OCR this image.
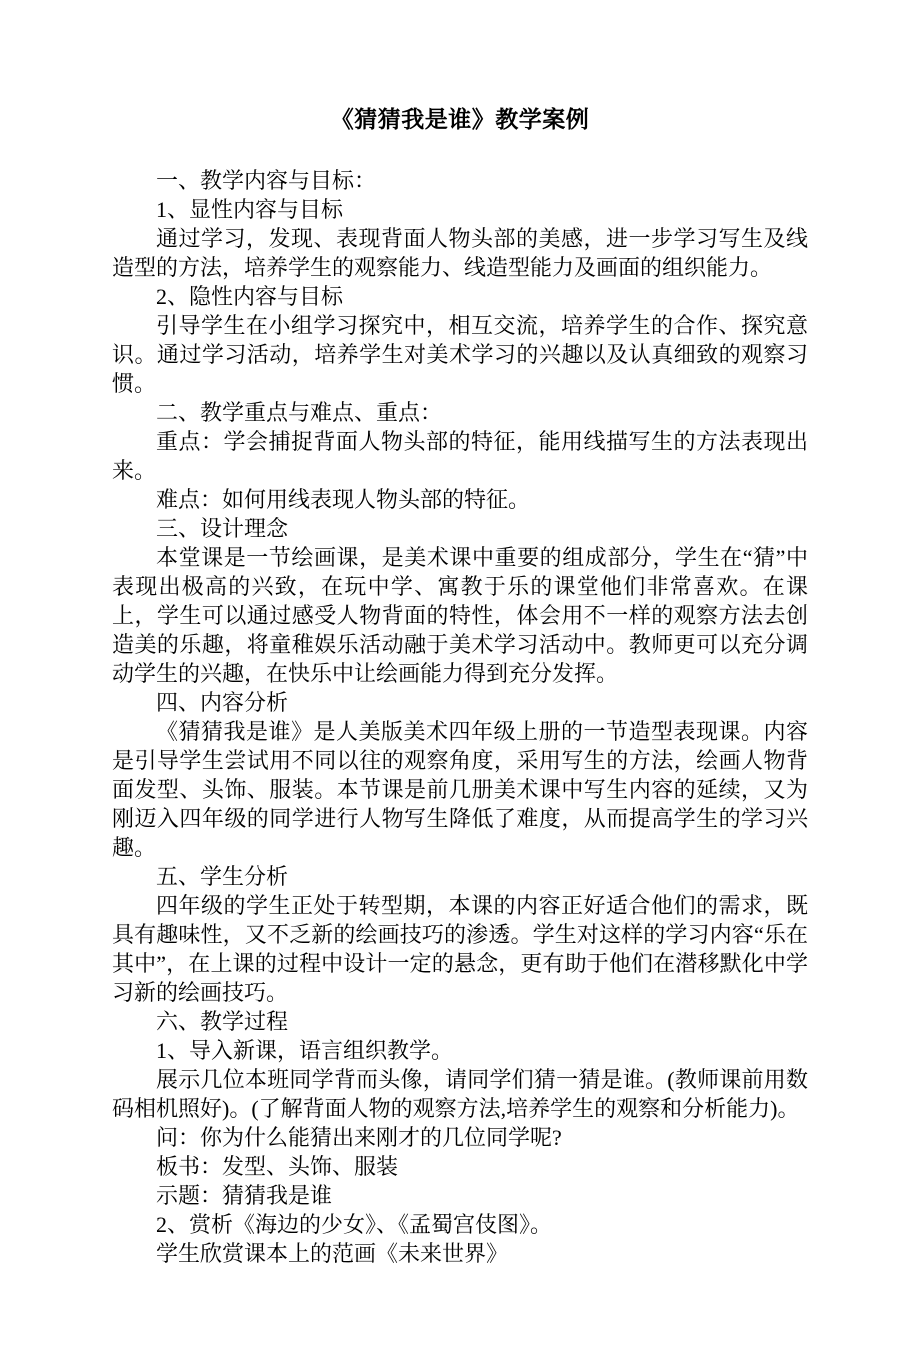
《猜猜我是谁》教学案例

一、教学内容与目标：

1、显性内容与目标

通过学习，发现、表现背面人物头部的美感，进一步学习写生及线造型的方法，培养学生的观察能力、线造型能力及画面的组织能力。

2、隐性内容与目标

引导学生在小组学习探究中，相互交流，培养学生的合作、探究意识。通过学习活动，培养学生对美术学习的兴趣以及认真细致的观察习惯。

二、教学重点与难点、重点：

重点：学会捕捉背面人物头部的特征，能用线描写生的方法表现出来。

难点：如何用线表现人物头部的特征。

三、设计理念

本堂课是一节绘画课，是美术课中重要的组成部分，学生在“猜”中表现出极高的兴致，在玩中学、寓教于乐的课堂他们非常喜欢。在课上，学生可以通过感受人物背面的特性，体会用不一样的观察方法去创造美的乐趣，将童稚娱乐活动融于美术学习活动中。教师更可以充分调动学生的兴趣，在快乐中让绘画能力得到充分发挥。

四、内容分析

《猜猜我是谁》是人美版美术四年级上册的一节造型表现课。内容是引导学生尝试用不同以往的观察角度，采用写生的方法，绘画人物背面发型、头饰、服装。本节课是前几册美术课中写生内容的延续，又为刚迈入四年级的同学进行人物写生降低了难度，从而提高学生的学习兴趣。

五、学生分析

四年级的学生正处于转型期，本课的内容正好适合他们的需求，既具有趣味性，又不乏新的绘画技巧的渗透。学生对这样的学习内容“乐在其中”，在上课的过程中设计一定的悬念，更有助于他们在潜移默化中学习新的绘画技巧。

六、教学过程

1、导入新课，语言组织教学。

展示几位本班同学背而头像，请同学们猜一猜是谁。(教师课前用数码相机照好)。(了解背面人物的观察方法,培养学生的观察和分析能力)。

问：你为什么能猜出来刚才的几位同学呢?

板书：发型、头饰、服装

示题：猜猜我是谁

2、赏析《海边的少女》、《孟蜀宫伎图》。

学生欣赏课本上的范画《未来世界》
